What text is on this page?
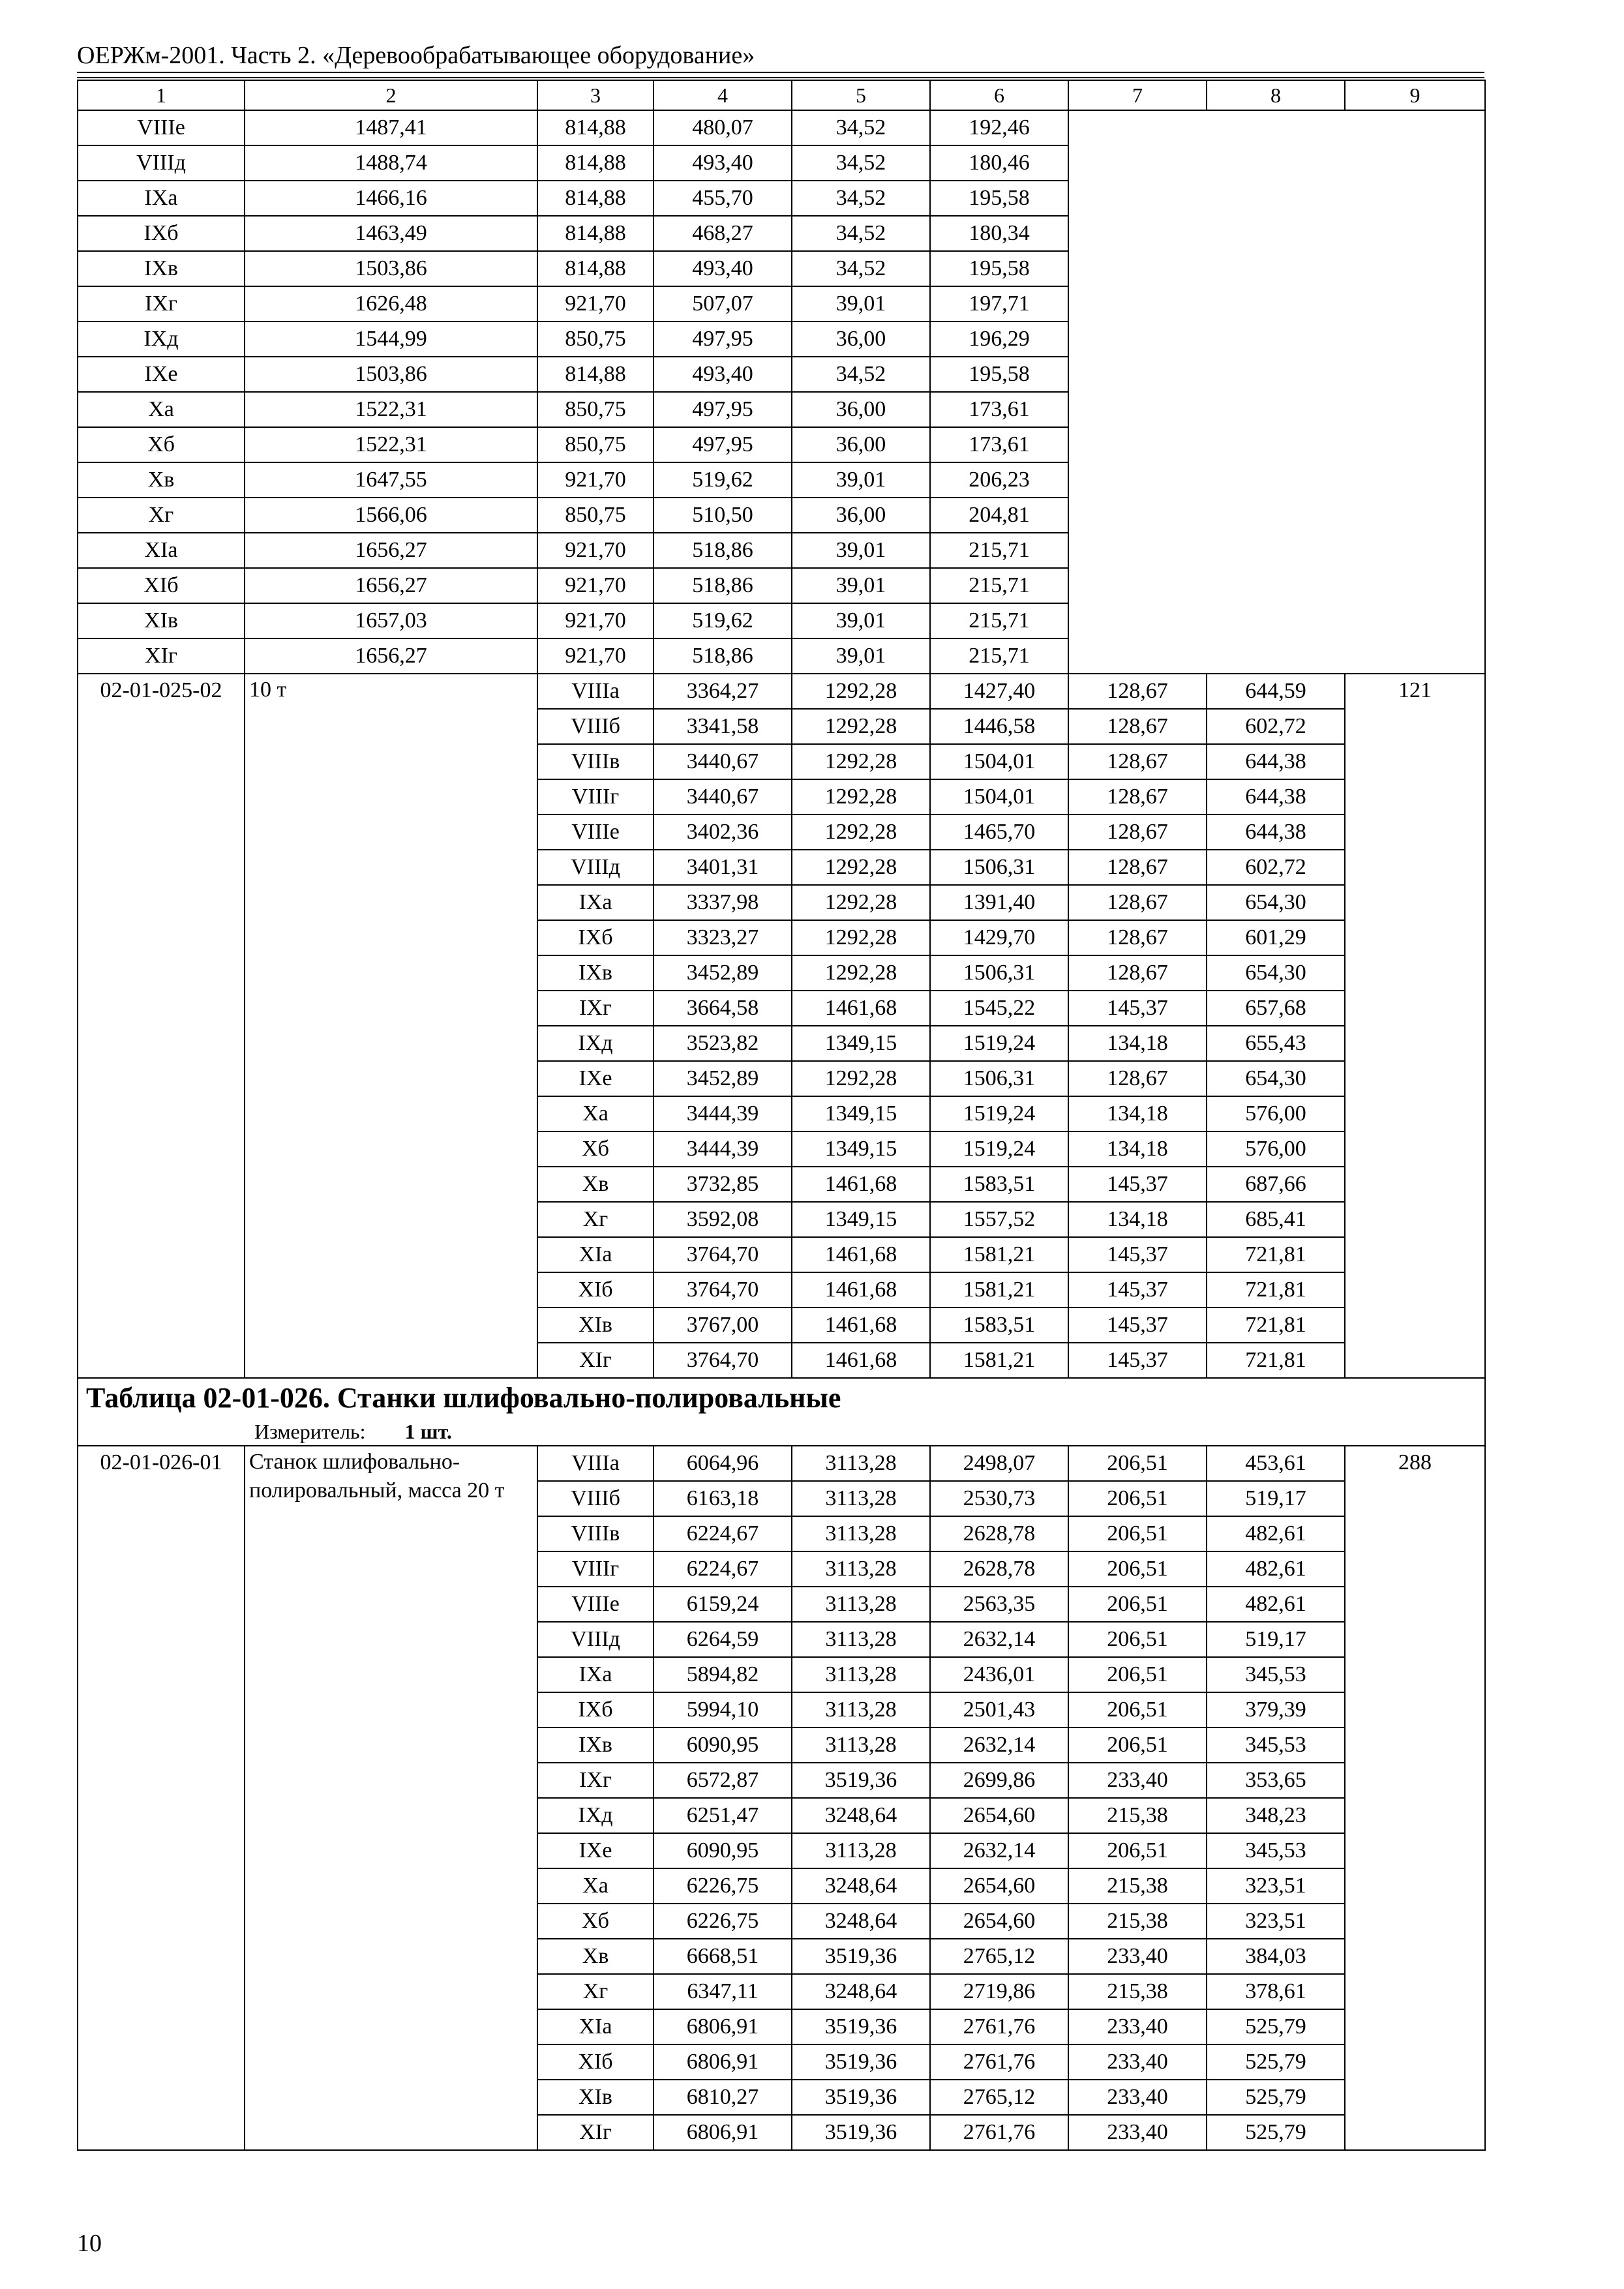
ОЕРЖм-2001. Часть 2. «Деревообрабатывающее оборудование»
1	2	3	4	5	6	7	8	9									
VIIIе	1487,41	814,88	480,07	34,52	192,46				
VIIIд	1488,74	814,88	493,40	34,52	180,46				
IXа	1466,16	814,88	455,70	34,52	195,58				
IXб	1463,49	814,88	468,27	34,52	180,34				
IXв	1503,86	814,88	493,40	34,52	195,58				
IXг	1626,48	921,70	507,07	39,01	197,71				
IXд	1544,99	850,75	497,95	36,00	196,29				
IXе	1503,86	814,88	493,40	34,52	195,58				
Xа	1522,31	850,75	497,95	36,00	173,61				
Xб	1522,31	850,75	497,95	36,00	173,61				
Xв	1647,55	921,70	519,62	39,01	206,23				
Xг	1566,06	850,75	510,50	36,00	204,81				
XIа	1656,27	921,70	518,86	39,01	215,71				
XIб	1656,27	921,70	518,86	39,01	215,71				
XIв	1657,03	921,70	519,62	39,01	215,71				
XIг	1656,27	921,70	518,86	39,01	215,71				
02-01-025-02	10 т	VIIIа	3364,27	1292,28	1427,40	128,67	644,59	121	
		VIIIб	3341,58	1292,28	1446,58	128,67	602,72		
		VIIIв	3440,67	1292,28	1504,01	128,67	644,38		
		VIIIг	3440,67	1292,28	1504,01	128,67	644,38		
		VIIIе	3402,36	1292,28	1465,70	128,67	644,38		
		VIIIд	3401,31	1292,28	1506,31	128,67	602,72		
		IXа	3337,98	1292,28	1391,40	128,67	654,30		
		IXб	3323,27	1292,28	1429,70	128,67	601,29		
		IXв	3452,89	1292,28	1506,31	128,67	654,30		
		IXг	3664,58	1461,68	1545,22	145,37	657,68		
		IXд	3523,82	1349,15	1519,24	134,18	655,43		
		IXе	3452,89	1292,28	1506,31	128,67	654,30		
		Xа	3444,39	1349,15	1519,24	134,18	576,00		
		Xб	3444,39	1349,15	1519,24	134,18	576,00		
		Xв	3732,85	1461,68	1583,51	145,37	687,66		
		Xг	3592,08	1349,15	1557,52	134,18	685,41		
		XIа	3764,70	1461,68	1581,21	145,37	721,81		
		XIб	3764,70	1461,68	1581,21	145,37	721,81		
		XIв	3767,00	1461,68	1583,51	145,37	721,81		
		XIг	3764,70	1461,68	1581,21	145,37	721,81		

Таблица 02-01-026. Станки шлифовально-полировальные									
Измеритель: 1 шт.									
02-01-026-01	Станок шлифовально-полировальный, масса 20 т	VIIIа	6064,96	3113,28	2498,07	206,51	453,61	288	
		VIIIб	6163,18	3113,28	2530,73	206,51	519,17		
		VIIIв	6224,67	3113,28	2628,78	206,51	482,61		
		VIIIг	6224,67	3113,28	2628,78	206,51	482,61		
		VIIIе	6159,24	3113,28	2563,35	206,51	482,61		
		VIIIд	6264,59	3113,28	2632,14	206,51	519,17		
		IXа	5894,82	3113,28	2436,01	206,51	345,53		
		IXб	5994,10	3113,28	2501,43	206,51	379,39		
		IXв	6090,95	3113,28	2632,14	206,51	345,53		
		IXг	6572,87	3519,36	2699,86	233,40	353,65		
		IXд	6251,47	3248,64	2654,60	215,38	348,23		
		IXе	6090,95	3113,28	2632,14	206,51	345,53		
		Xа	6226,75	3248,64	2654,60	215,38	323,51		
		Xб	6226,75	3248,64	2654,60	215,38	323,51		
		Xв	6668,51	3519,36	2765,12	233,40	384,03		
		Xг	6347,11	3248,64	2719,86	215,38	378,61		
		XIа	6806,91	3519,36	2761,76	233,40	525,79		
		XIб	6806,91	3519,36	2761,76	233,40	525,79		
		XIв	6810,27	3519,36	2765,12	233,40	525,79		
		XIг	6806,91	3519,36	2761,76	233,40	525,79		
10
